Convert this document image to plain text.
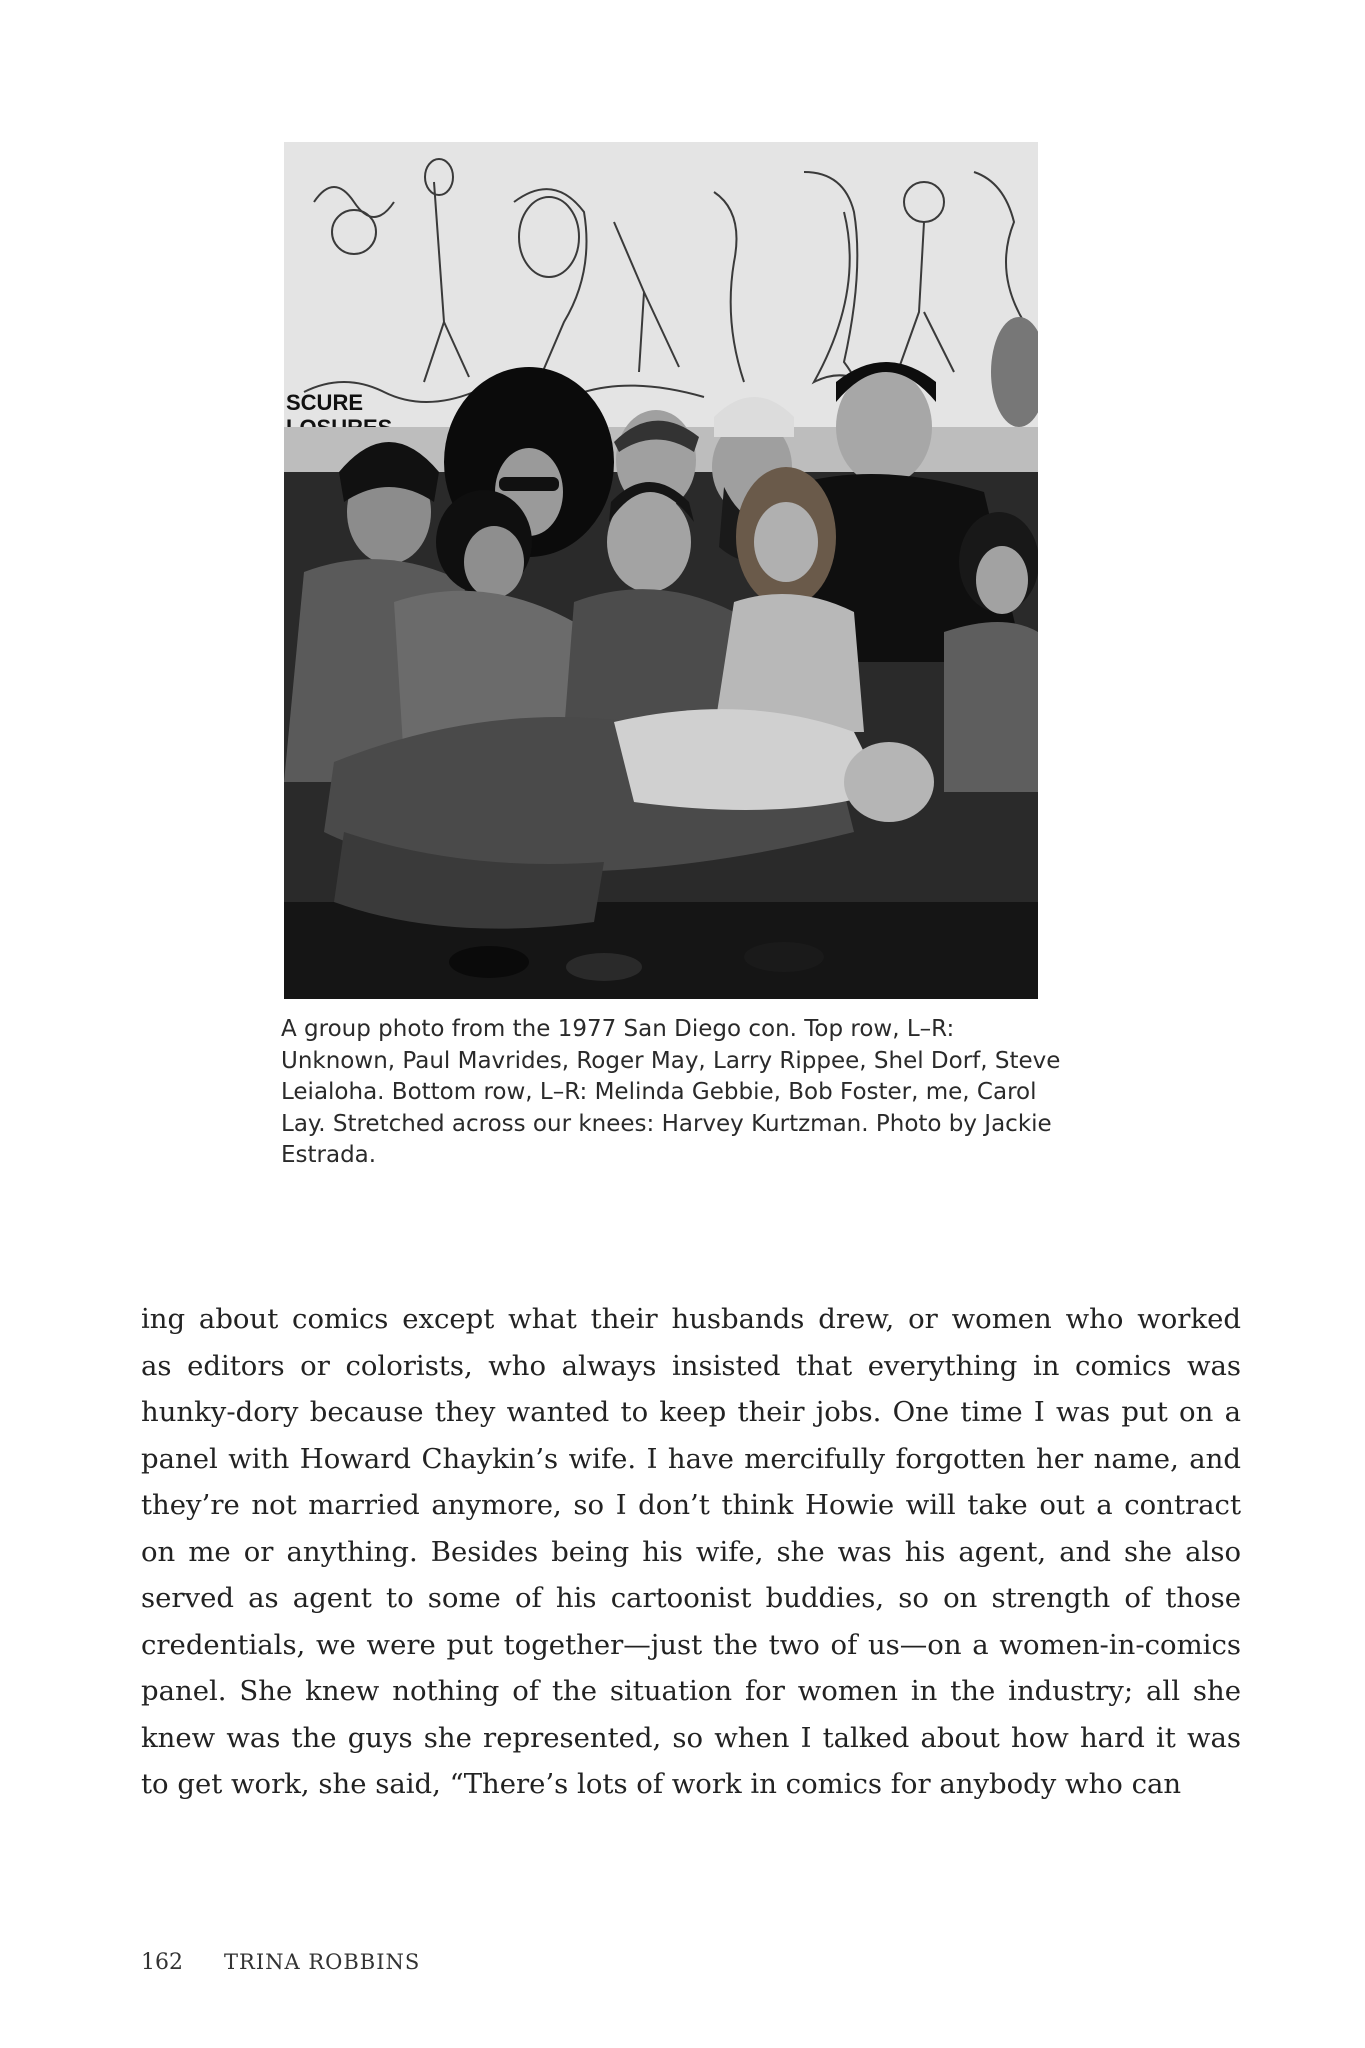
SCURE

A group photo from the 1977 San Diego con. Top row, L–R: Unknown, Paul Mavrides, Roger May, Larry Rippee, Shel Dorf, Steve Leialoha. Bottom row, L–R: Melinda Gebbie, Bob Foster, me, Carol Lay. Stretched across our knees: Harvey Kurtzman. Photo by Jackie Estrada.

ing about comics except what their husbands drew, or women who worked
as editors or colorists, who always insisted that everything in comics was
hunky-dory because they wanted to keep their jobs. One time I was put on a
panel with Howard Chaykin’s wife. I have mercifully forgotten her name, and
they’re not married anymore, so I don’t think Howie will take out a contract
on me or anything. Besides being his wife, she was his agent, and she also
served as agent to some of his cartoonist buddies, so on strength of those
credentials, we were put together—just the two of us—on a women-in-comics
panel. She knew nothing of the situation for women in the industry; all she
knew was the guys she represented, so when I talked about how hard it was
to get work, she said, “There’s lots of work in comics for anybody who can
162 TRINA ROBBINS
